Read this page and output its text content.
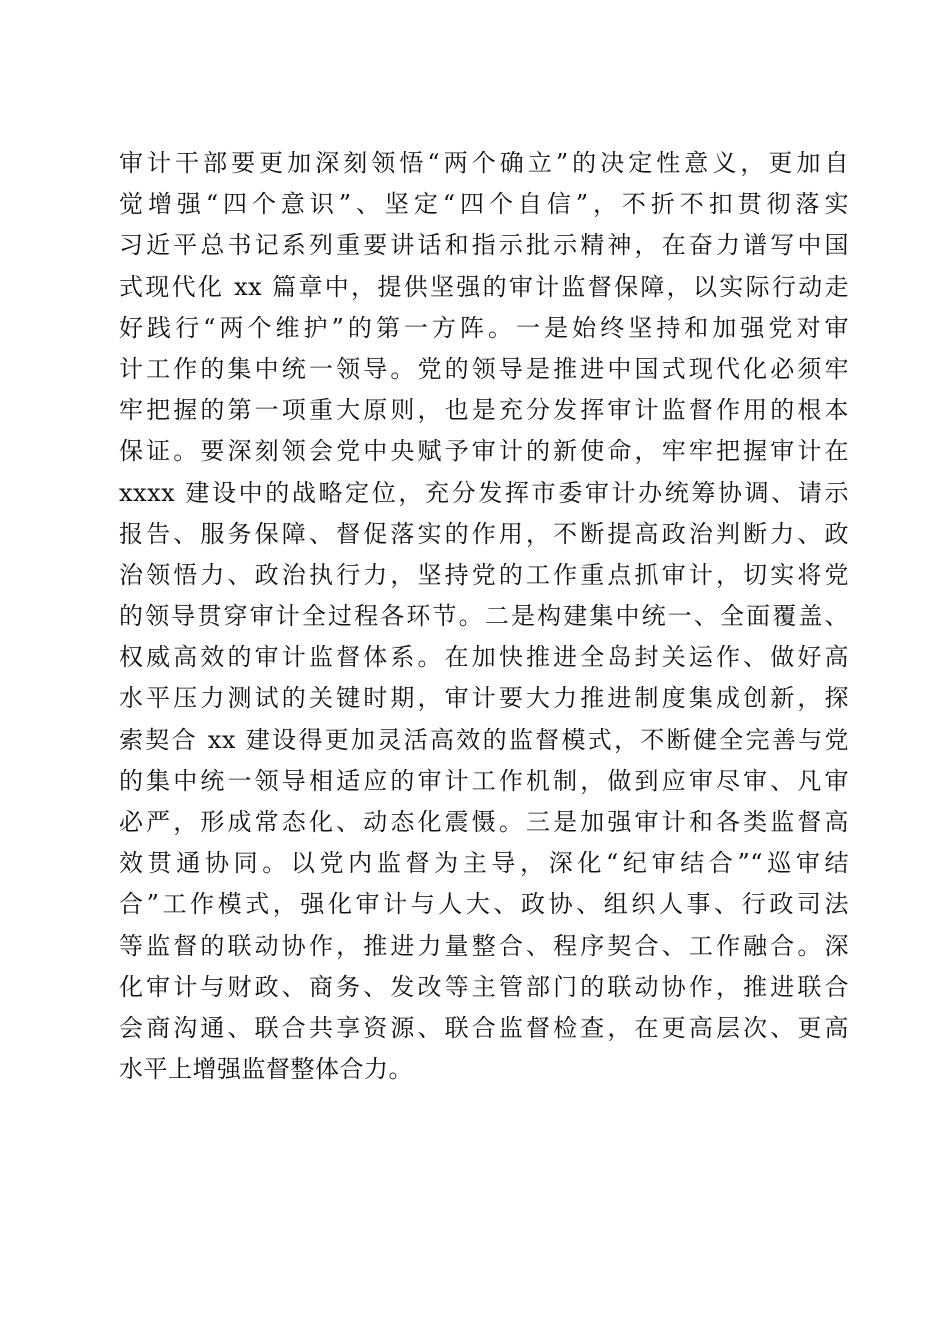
审计干部要更加深刻领悟“两个确立”的决定性意义，更加自
觉增强“四个意识”、坚定“四个自信”，不折不扣贯彻落实
习近平总书记系列重要讲话和指示批示精神，在奋力谱写中国
式现代化 xx 篇章中，提供坚强的审计监督保障，以实际行动走
好践行“两个维护”的第一方阵。一是始终坚持和加强党对审
计工作的集中统一领导。党的领导是推进中国式现代化必须牢
牢把握的第一项重大原则，也是充分发挥审计监督作用的根本
保证。要深刻领会党中央赋予审计的新使命，牢牢把握审计在
xxxx 建设中的战略定位，充分发挥市委审计办统筹协调、请示
报告、服务保障、督促落实的作用，不断提高政治判断力、政
治领悟力、政治执行力，坚持党的工作重点抓审计，切实将党
的领导贯穿审计全过程各环节。二是构建集中统一、全面覆盖、
权威高效的审计监督体系。在加快推进全岛封关运作、做好高
水平压力测试的关键时期，审计要大力推进制度集成创新，探
索契合 xx 建设得更加灵活高效的监督模式，不断健全完善与党
的集中统一领导相适应的审计工作机制，做到应审尽审、凡审
必严，形成常态化、动态化震慑。三是加强审计和各类监督高
效贯通协同。以党内监督为主导，深化“纪审结合”“巡审结
合”工作模式，强化审计与人大、政协、组织人事、行政司法
等监督的联动协作，推进力量整合、程序契合、工作融合。深
化审计与财政、商务、发改等主管部门的联动协作，推进联合
会商沟通、联合共享资源、联合监督检查，在更高层次、更高
水平上增强监督整体合力。
